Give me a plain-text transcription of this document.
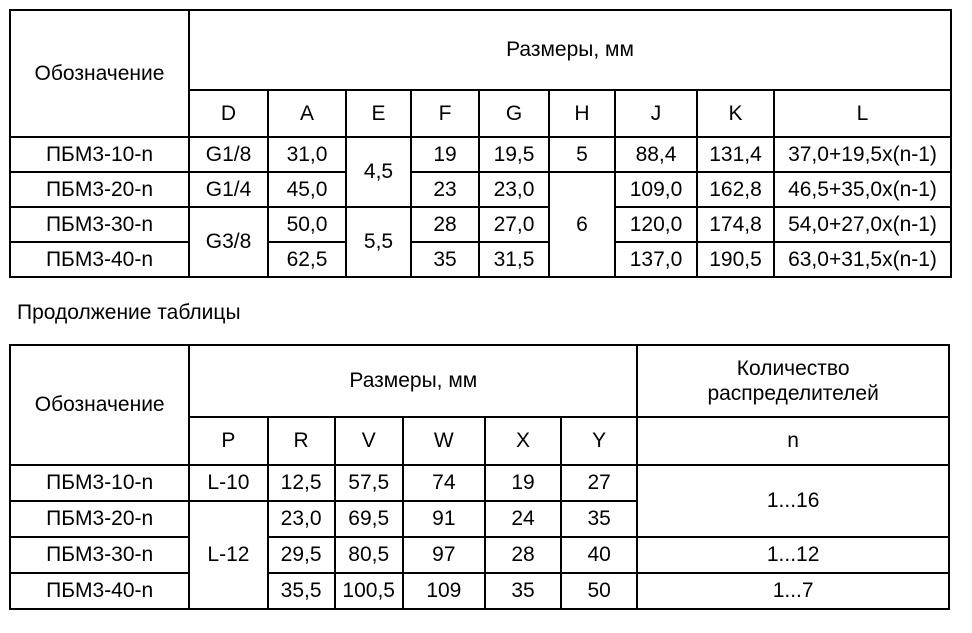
Обозначение	Размеры, мм								
	D	A	E	F	G	H	J	K	L
ПБМ3-10-n	G1/8	31,0	4,5	19	19,5	5	88,4	131,4	37,0+19,5x(n-1)
ПБМ3-20-n	G1/4	45,0		23	23,0	6	109,0	162,8	46,5+35,0x(n-1)
ПБМ3-30-n	G3/8	50,0	5,5	28	27,0		120,0	174,8	54,0+27,0x(n-1)
ПБМ3-40-n		62,5		35	31,5		137,0	190,5	63,0+31,5x(n-1)
Продолжение таблицы
Обозначение	Размеры, мм						Количество распределителей
	P	R	V	W	X	Y	n
ПБМ3-10-n	L-10	12,5	57,5	74	19	27	1...16
ПБМ3-20-n	L-12	23,0	69,5	91	24	35	
ПБМ3-30-n		29,5	80,5	97	28	40	1...12
ПБМ3-40-n		35,5	100,5	109	35	50	1...7
